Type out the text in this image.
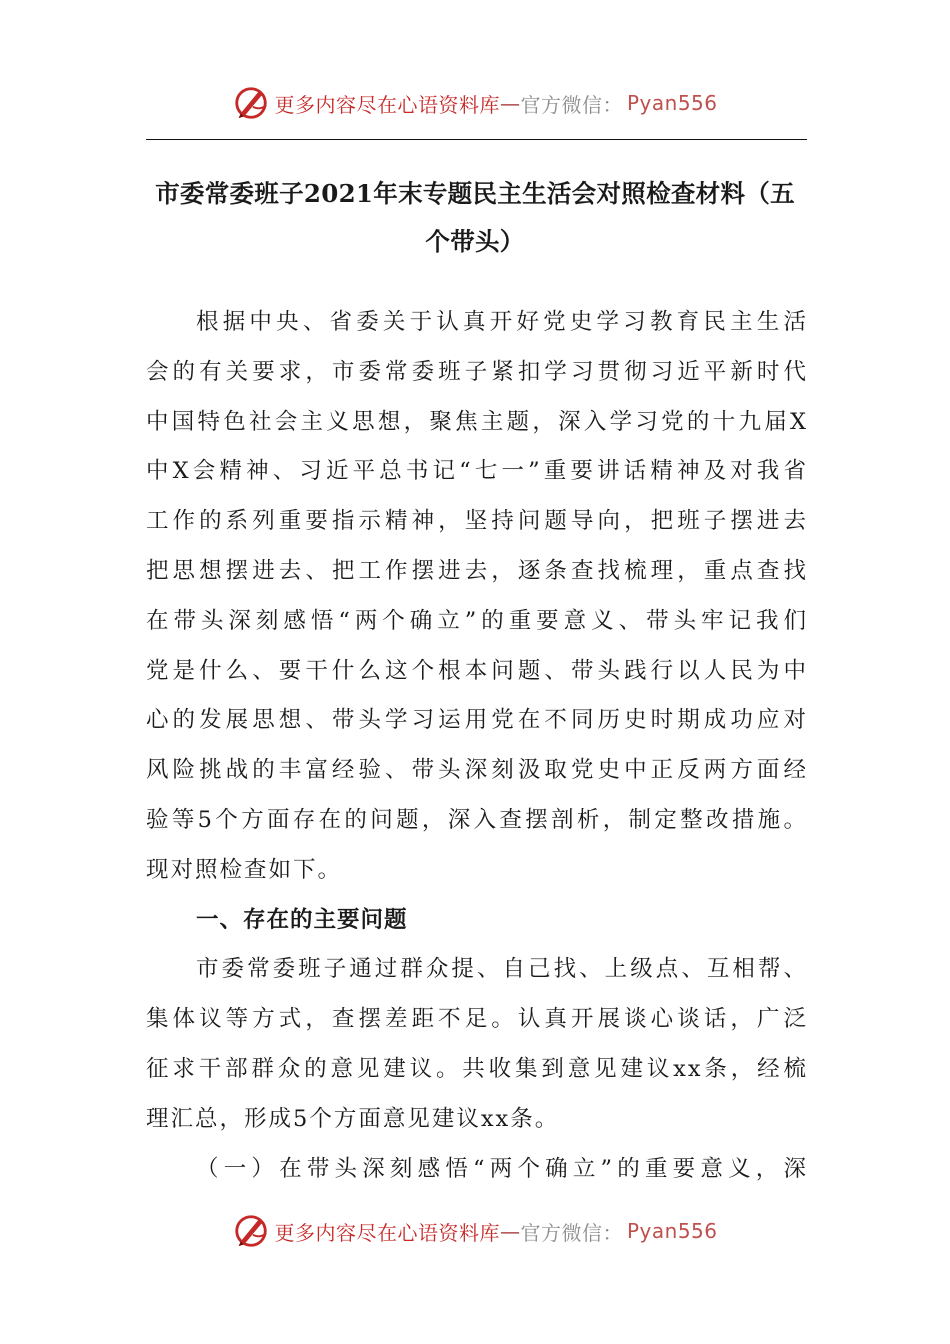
更多内容尽在心语资料库 — 官方微信： Pyan556
市委常委班子2021年末专题民主生活会对照检查材料（五
个带头）
根据中央、省委关于认真开好党史学习教育民主生活
会的有关要求，市委常委班子紧扣学习贯彻习近平新时代
中国特色社会主义思想，聚焦主题，深入学习党的十九届X
中X会精神、习近平总书记“七一”重要讲话精神及对我省
工作的系列重要指示精神，坚持问题导向，把班子摆进去
把思想摆进去、把工作摆进去，逐条查找梳理，重点查找
在带头深刻感悟“两个确立”的重要意义、带头牢记我们
党是什么、要干什么这个根本问题、带头践行以人民为中
心的发展思想、带头学习运用党在不同历史时期成功应对
风险挑战的丰富经验、带头深刻汲取党史中正反两方面经
验等5个方面存在的问题，深入查摆剖析，制定整改措施。
现对照检查如下。
一、存在的主要问题
市委常委班子通过群众提、自己找、上级点、互相帮、
集体议等方式，查摆差距不足。认真开展谈心谈话，广泛
征求干部群众的意见建议。共收集到意见建议xx条，经梳
理汇总，形成5个方面意见建议xx条。
（一）在带头深刻感悟“两个确立”的重要意义，深
更多内容尽在心语资料库 — 官方微信： Pyan556
